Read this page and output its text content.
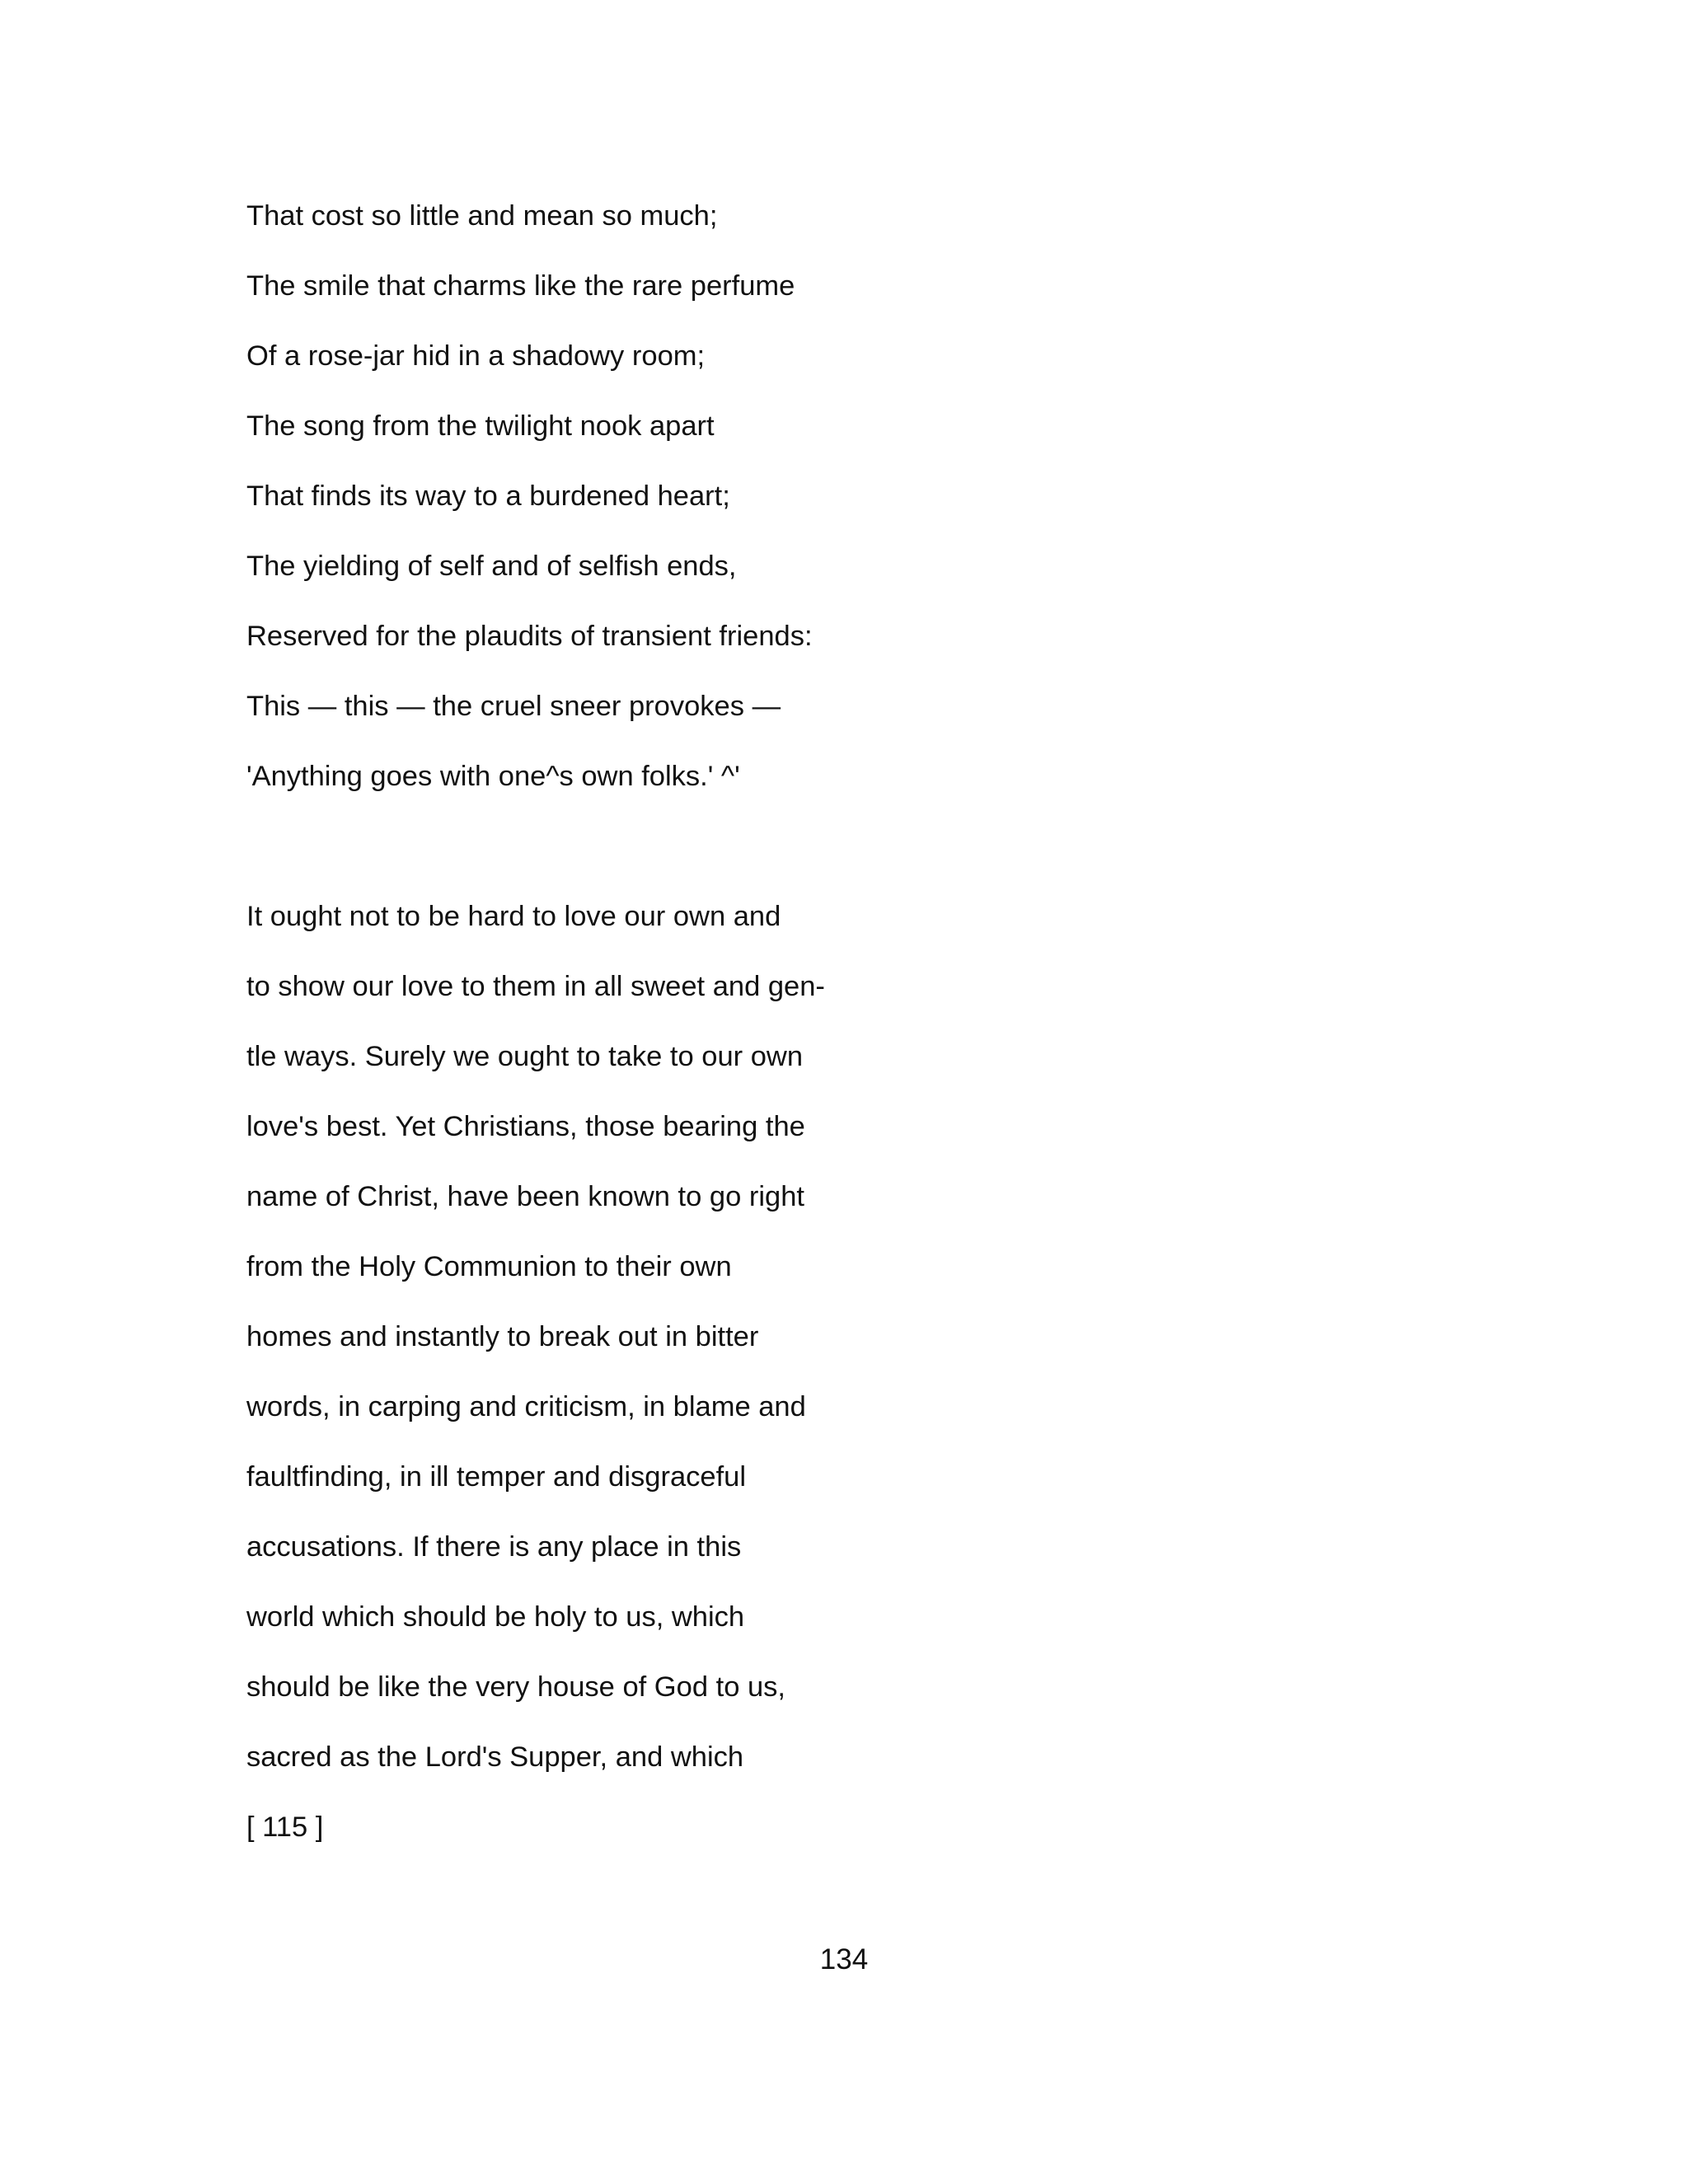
That cost so little and mean so much;
The smile that charms like the rare perfume
Of a rose-jar hid in a shadowy room;
The song from the twilight nook apart
That finds its way to a burdened heart;
The yielding of self and of selfish ends,
Reserved for the plaudits of transient friends:
This — this — the cruel sneer provokes —
'Anything goes with one^s own folks.' ^'
It ought not to be hard to love our own and
to show our love to them in all sweet and gen-
tle ways. Surely we ought to take to our own
love's best. Yet Christians, those bearing the
name of Christ, have been known to go right
from the Holy Communion to their own
homes and instantly to break out in bitter
words, in carping and criticism, in blame and
faultfinding, in ill temper and disgraceful
accusations. If there is any place in this
world which should be holy to us, which
should be like the very house of God to us,
sacred as the Lord's Supper, and which
[ 115 ]
134
